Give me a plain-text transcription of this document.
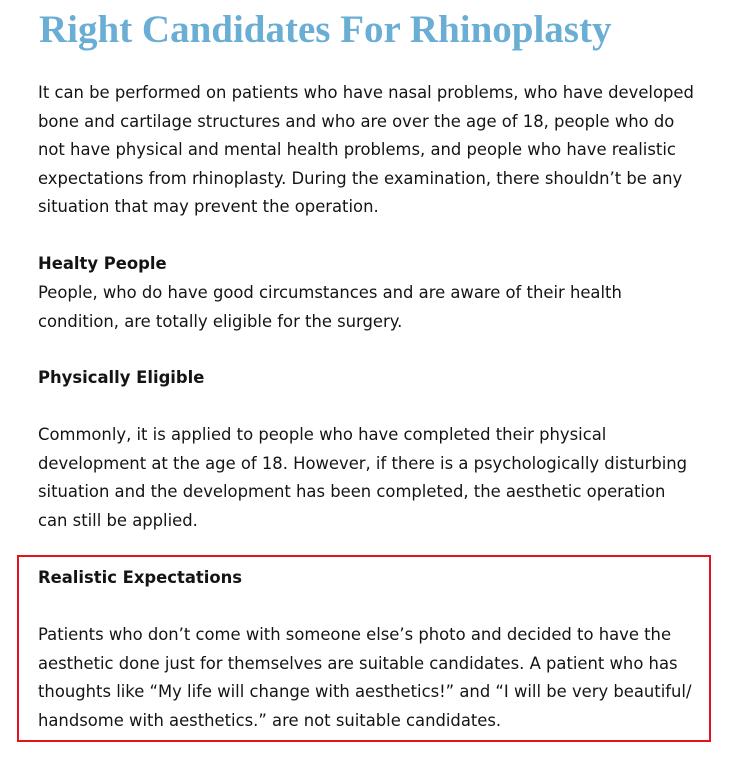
Right Candidates For Rhinoplasty

It can be performed on patients who have nasal problems, who have developed bone and cartilage structures and who are over the age of 18, people who do not have physical and mental health problems, and people who have realistic expectations from rhinoplasty. During the examination, there shouldn’t be any situation that may prevent the operation.

Healty People

People, who do have good circumstances and are aware of their health condition, are totally eligible for the surgery.

Physically Eligible

Commonly, it is applied to people who have completed their physical development at the age of 18. However, if there is a psychologically disturbing situation and the development has been completed, the aesthetic operation can still be applied.

Realistic Expectations

Patients who don’t come with someone else’s photo and decided to have the aesthetic done just for themselves are suitable candidates. A patient who has thoughts like “My life will change with aesthetics!” and “I will be very beautiful/ handsome with aesthetics.” are not suitable candidates.
